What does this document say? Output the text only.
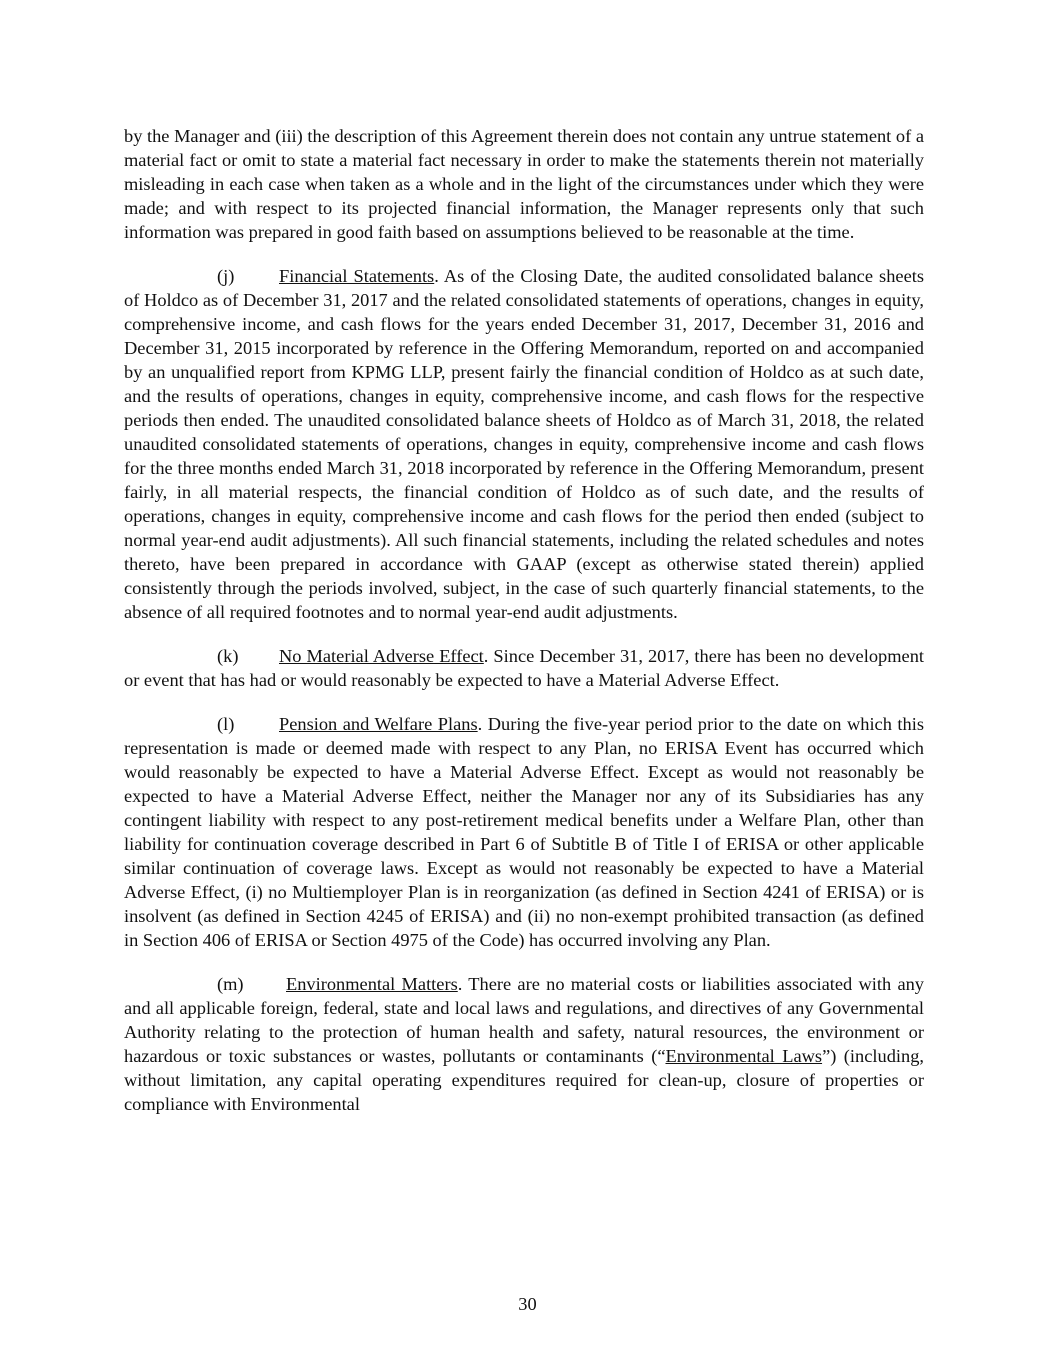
by the Manager and (iii) the description of this Agreement therein does not contain any untrue statement of a material fact or omit to state a material fact necessary in order to make the statements therein not materially misleading in each case when taken as a whole and in the light of the circumstances under which they were made; and with respect to its projected financial information, the Manager represents only that such information was prepared in good faith based on assumptions believed to be reasonable at the time.

(j) Financial Statements. As of the Closing Date, the audited consolidated balance sheets of Holdco as of December 31, 2017 and the related consolidated statements of operations, changes in equity, comprehensive income, and cash flows for the years ended December 31, 2017, December 31, 2016 and December 31, 2015 incorporated by reference in the Offering Memorandum, reported on and accompanied by an unqualified report from KPMG LLP, present fairly the financial condition of Holdco as at such date, and the results of operations, changes in equity, comprehensive income, and cash flows for the respective periods then ended. The unaudited consolidated balance sheets of Holdco as of March 31, 2018, the related unaudited consolidated statements of operations, changes in equity, comprehensive income and cash flows for the three months ended March 31, 2018 incorporated by reference in the Offering Memorandum, present fairly, in all material respects, the financial condition of Holdco as of such date, and the results of operations, changes in equity, comprehensive income and cash flows for the period then ended (subject to normal year-end audit adjustments). All such financial statements, including the related schedules and notes thereto, have been prepared in accordance with GAAP (except as otherwise stated therein) applied consistently through the periods involved, subject, in the case of such quarterly financial statements, to the absence of all required footnotes and to normal year-end audit adjustments.

(k) No Material Adverse Effect. Since December 31, 2017, there has been no development or event that has had or would reasonably be expected to have a Material Adverse Effect.

(l) Pension and Welfare Plans. During the five-year period prior to the date on which this representation is made or deemed made with respect to any Plan, no ERISA Event has occurred which would reasonably be expected to have a Material Adverse Effect. Except as would not reasonably be expected to have a Material Adverse Effect, neither the Manager nor any of its Subsidiaries has any contingent liability with respect to any post-retirement medical benefits under a Welfare Plan, other than liability for continuation coverage described in Part 6 of Subtitle B of Title I of ERISA or other applicable similar continuation of coverage laws. Except as would not reasonably be expected to have a Material Adverse Effect, (i) no Multiemployer Plan is in reorganization (as defined in Section 4241 of ERISA) or is insolvent (as defined in Section 4245 of ERISA) and (ii) no non-exempt prohibited transaction (as defined in Section 406 of ERISA or Section 4975 of the Code) has occurred involving any Plan.

(m) Environmental Matters. There are no material costs or liabilities associated with any and all applicable foreign, federal, state and local laws and regulations, and directives of any Governmental Authority relating to the protection of human health and safety, natural resources, the environment or hazardous or toxic substances or wastes, pollutants or contaminants (“Environmental Laws”) (including, without limitation, any capital operating expenditures required for clean-up, closure of properties or compliance with Environmental

30
